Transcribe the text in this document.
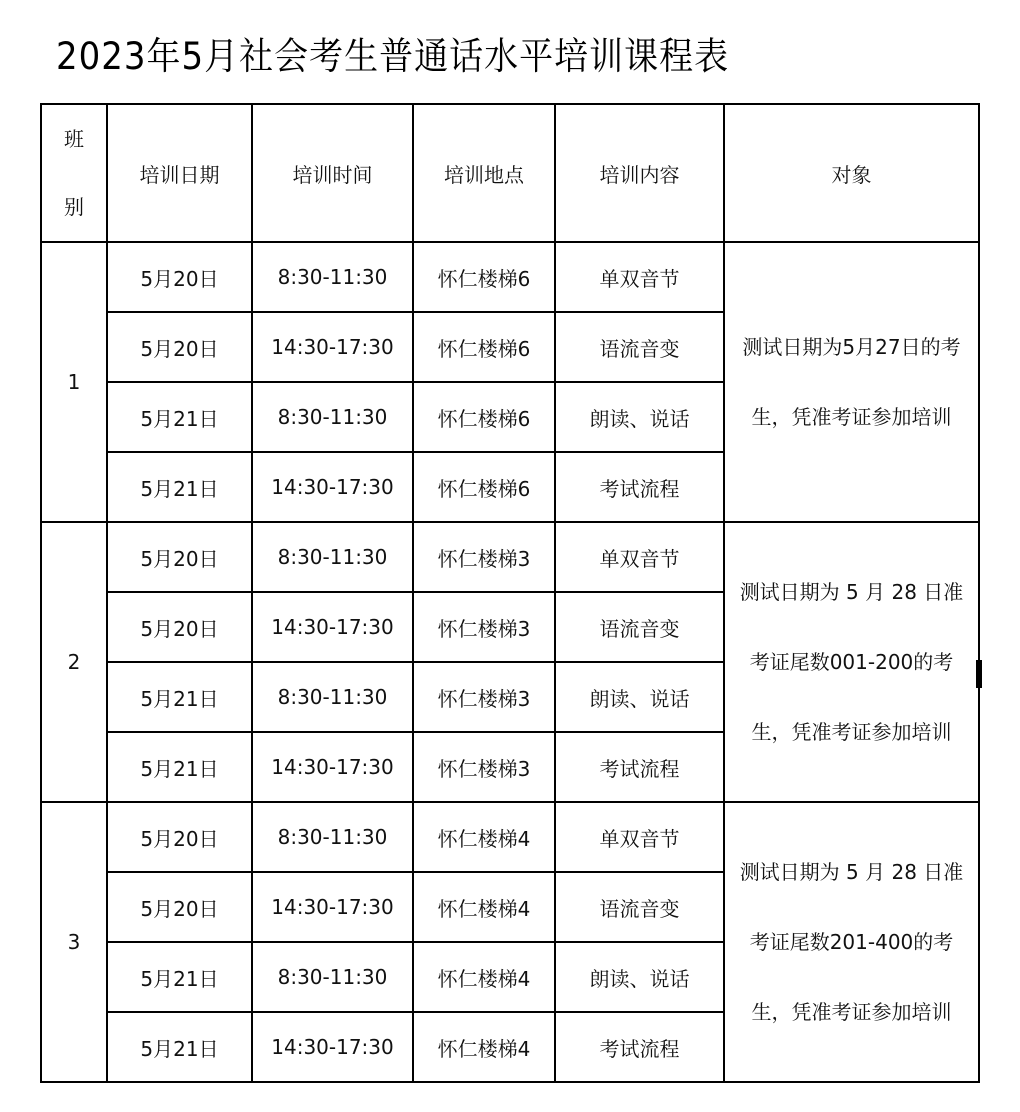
2023年5月社会考生普通话水平培训课程表
班
别	培训日期	培训时间	培训地点	培训内容	对象
1	5月20日	8:30-11:30	怀仁楼梯6	单双音节	测试日期为5月27日的考生，凭准考证参加培训
	5月20日	14:30-17:30	怀仁楼梯6	语流音变	
	5月21日	8:30-11:30	怀仁楼梯6	朗读、说话	
	5月21日	14:30-17:30	怀仁楼梯6	考试流程	
2	5月20日	8:30-11:30	怀仁楼梯3	单双音节	测试日期为 5 月 28 日准考证尾数001-200的考生，凭准考证参加培训
	5月20日	14:30-17:30	怀仁楼梯3	语流音变	
	5月21日	8:30-11:30	怀仁楼梯3	朗读、说话	
	5月21日	14:30-17:30	怀仁楼梯3	考试流程	
3	5月20日	8:30-11:30	怀仁楼梯4	单双音节	测试日期为 5 月 28 日准考证尾数201-400的考生，凭准考证参加培训
	5月20日	14:30-17:30	怀仁楼梯4	语流音变	
	5月21日	8:30-11:30	怀仁楼梯4	朗读、说话	
	5月21日	14:30-17:30	怀仁楼梯4	考试流程	
